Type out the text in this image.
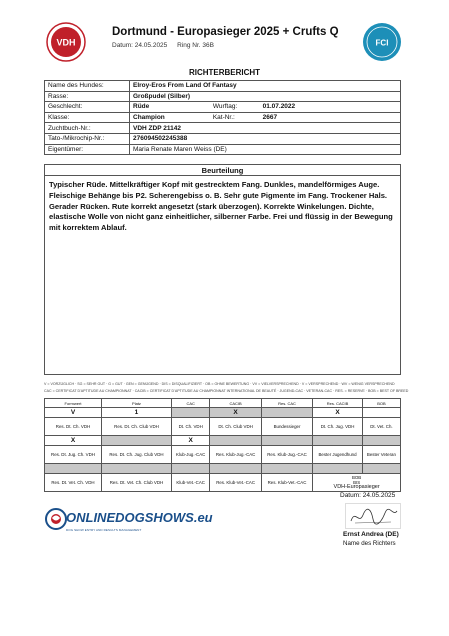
VDH
Dortmund - Europasieger 2025 + Crufts Q
Datum: 24.05.2025 Ring Nr. 36B	FCI
RICHTERBERICHT
Name des Hundes:	Elroy-Eros From Land Of Fantasy
Rasse:	Großpudel (Silber)
Geschlecht:	Rüde Wurftag: 01.07.2022
Klasse:	Champion Kat-Nr.: 2667
Zuchtbuch-Nr.:	VDH ZDP 21142
Tato-/Mikrochip-Nr.:	276094502245388
Eigentümer:	Maria Renate Maren Weiss (DE)
Beurteilung
Typischer Rüde. Mittelkräftiger Kopf mit gestrecktem Fang. Dunkles, mandelförmiges Auge. Fleischige Behänge bis P2. Scherengebiss o. B. Sehr gute Pigmente im Fang. Trockener Hals. Gerader Rücken. Rute korrekt angesetzt (stark überzogen). Korrekte Winkelungen. Dichte, elastische Wolle von nicht ganz einheitlicher, silberner Farbe. Frei und flüssig in der Bewegung mit korrektem Ablauf.
V = VORZÜGLICH · SG = SEHR GUT · G = GUT · GEN = GENÜGEND · DIS = DISQUALIFIZIERT · OB = OHNE BEWERTUNG · VV = VIELVERSPRECHEND · V = VERSPRECHEND · WV = WENIG VERSPRECHEND
CAC = CERTIFICAT D'APTITUDE AU CHAMPIONNAT · CACIB = CERTIFICAT D'APTITUDE AU CHAMPIONNAT INTERNATIONAL DE BEAUTÉ · JUGEND-CAC · VETERAN-CAC · RES. = RESERVE · BOB = BEST OF BREED
Formwert	Platz	CAC	CACIB	Res. CAC	Res. CACIB	BOB
V	1		X		X	
Res. Dt. Ch. VDH	Res. Dt. Ch. Club VDH	Dt. Ch. VDH	Dt. Ch. Club VDH	Bundessieger	Dt. Ch. Jug. VDH	Dt. Vet. Ch.
X		X				
Res. Dt. Jug. Ch. VDH	Res. Dt. Ch. Jug. Club VDH	Klub-Jug.-CAC	Res. Klub-Jug.-CAC	Res. Klub-Jug.-CAC	Bester Jugendhund	Bester Veteran

Res. Dt. Vet. Ch. VDH	Res. Dt. Vet. Ch. Club VDH	Klub-Vet.-CAC	Res. Klub-Vet.-CAC	Res. Klub-Vet.-CAC	BOB
BIS
VDH-Europasieger	
Datum: 24.05.2025
ONLINEDOGSHOWS.eu
DOG SHOW ENTRY AND RESULTS MANAGEMENT
Ernst Andrea (DE)
Name des Richters
